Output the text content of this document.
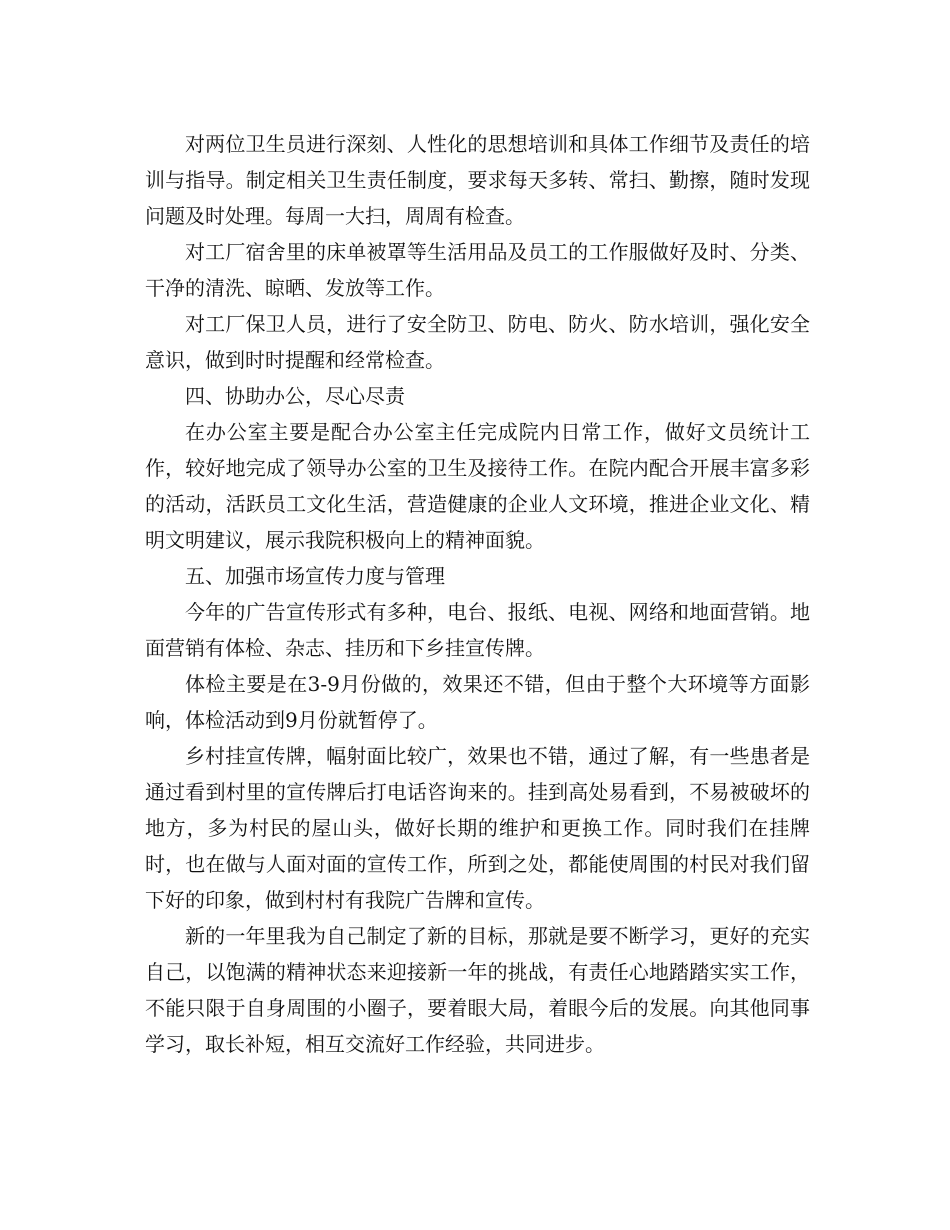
对两位卫生员进行深刻、人性化的思想培训和具体工作细节及责任的培训与指导。制定相关卫生责任制度，要求每天多转、常扫、勤擦，随时发现问题及时处理。每周一大扫，周周有检查。

对工厂宿舍里的床单被罩等生活用品及员工的工作服做好及时、分类、干净的清洗、晾晒、发放等工作。

对工厂保卫人员，进行了安全防卫、防电、防火、防水培训，强化安全意识，做到时时提醒和经常检查。

四、协助办公，尽心尽责

在办公室主要是配合办公室主任完成院内日常工作，做好文员统计工作，较好地完成了领导办公室的卫生及接待工作。在院内配合开展丰富多彩的活动，活跃员工文化生活，营造健康的企业人文环境，推进企业文化、精明文明建议，展示我院积极向上的精神面貌。

五、加强市场宣传力度与管理

今年的广告宣传形式有多种，电台、报纸、电视、网络和地面营销。地面营销有体检、杂志、挂历和下乡挂宣传牌。

体检主要是在3-9月份做的，效果还不错，但由于整个大环境等方面影响，体检活动到9月份就暂停了。

乡村挂宣传牌，幅射面比较广，效果也不错，通过了解，有一些患者是通过看到村里的宣传牌后打电话咨询来的。挂到高处易看到，不易被破坏的地方，多为村民的屋山头，做好长期的维护和更换工作。同时我们在挂牌时，也在做与人面对面的宣传工作，所到之处，都能使周围的村民对我们留下好的印象，做到村村有我院广告牌和宣传。

新的一年里我为自己制定了新的目标，那就是要不断学习，更好的充实自己，以饱满的精神状态来迎接新一年的挑战，有责任心地踏踏实实工作，不能只限于自身周围的小圈子，要着眼大局，着眼今后的发展。向其他同事学习，取长补短，相互交流好工作经验，共同进步。
